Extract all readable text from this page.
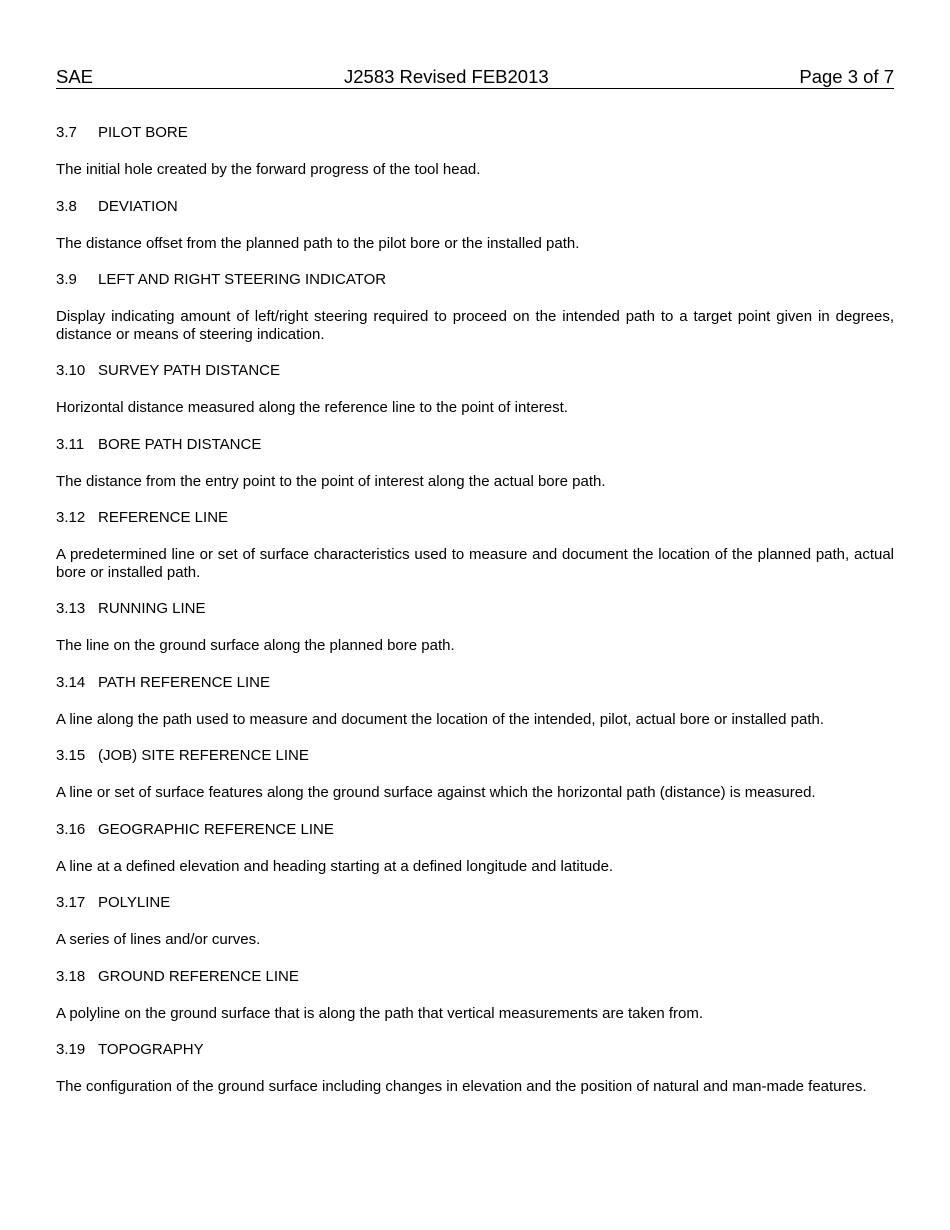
SAE	J2583 Revised FEB2013	Page 3 of 7
3.7	PILOT BORE
The initial hole created by the forward progress of the tool head.
3.8	DEVIATION
The distance offset from the planned path to the pilot bore or the installed path.
3.9	LEFT AND RIGHT STEERING INDICATOR
Display indicating amount of left/right steering required to proceed on the intended path to a target point given in degrees, distance or means of steering indication.
3.10 SURVEY PATH DISTANCE
Horizontal distance measured along the reference line to the point of interest.
3.11 BORE PATH DISTANCE
The distance from the entry point to the point of interest along the actual bore path.
3.12 REFERENCE LINE
A predetermined line or set of surface characteristics used to measure and document the location of the planned path, actual bore or installed path.
3.13 RUNNING LINE
The line on the ground surface along the planned bore path.
3.14 PATH REFERENCE LINE
A line along the path used to measure and document the location of the intended, pilot, actual bore or installed path.
3.15 (JOB) SITE REFERENCE LINE
A line or set of surface features along the ground surface against which the horizontal path (distance) is measured.
3.16 GEOGRAPHIC REFERENCE LINE
A line at a defined elevation and heading starting at a defined longitude and latitude.
3.17 POLYLINE
A series of lines and/or curves.
3.18 GROUND REFERENCE LINE
A polyline on the ground surface that is along the path that vertical measurements are taken from.
3.19 TOPOGRAPHY
The configuration of the ground surface including changes in elevation and the position of natural and man-made features.
